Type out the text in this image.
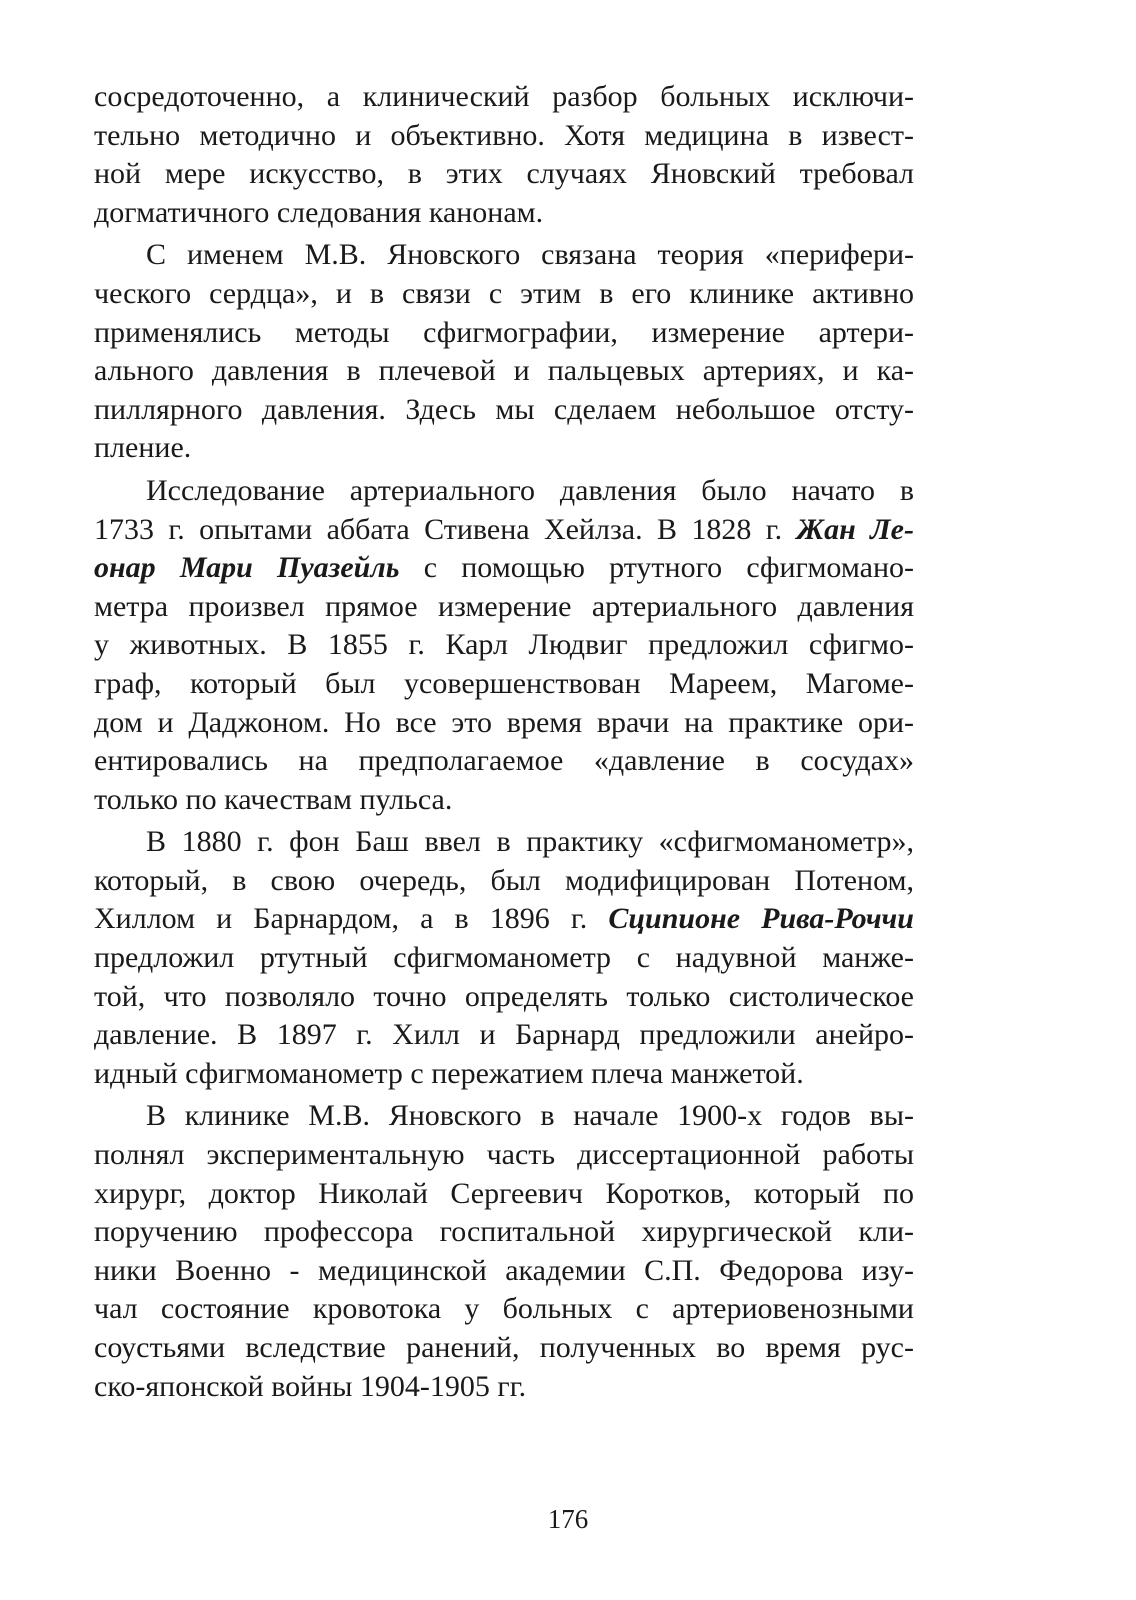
сосредоточенно, а клинический разбор больных исключи-
тельно методично и объективно. Хотя медицина в извест-
ной мере искусство, в этих случаях Яновский требовал
догматичного следования канонам.
С именем М.В. Яновского связана теория «перифери-
ческого сердца», и в связи с этим в его клинике активно
применялись методы сфигмографии, измерение артери-
ального давления в плечевой и пальцевых артериях, и ка-
пиллярного давления. Здесь мы сделаем небольшое отсту-
пление.
Исследование артериального давления было начато в
1733 г. опытами аббата Стивена Хейлза. В 1828 г. Жан Ле-
онар Мари Пуазейль с помощью ртутного сфигмомано-
метра произвел прямое измерение артериального давления
у животных. В 1855 г. Карл Людвиг предложил сфигмо-
граф, который был усовершенствован Мареем, Магоме-
дом и Даджоном. Но все это время врачи на практике ори-
ентировались на предполагаемое «давление в сосудах»
только по качествам пульса.
В 1880 г. фон Баш ввел в практику «сфигмоманометр»,
который, в свою очередь, был модифицирован Потеном,
Хиллом и Барнардом, а в 1896 г. Сципионе Рива-Роччи
предложил ртутный сфигмоманометр с надувной манже-
той, что позволяло точно определять только систолическое
давление. В 1897 г. Хилл и Барнард предложили анейро-
идный сфигмоманометр с пережатием плеча манжетой.
В клинике М.В. Яновского в начале 1900-х годов вы-
полнял экспериментальную часть диссертационной работы
хирург, доктор Николай Сергеевич Коротков, который по
поручению профессора госпитальной хирургической кли-
ники Военно - медицинской академии С.П. Федорова изу-
чал состояние кровотока у больных с артериовенозными
соустьями вследствие ранений, полученных во время рус-
ско-японской войны 1904-1905 гг.
176
